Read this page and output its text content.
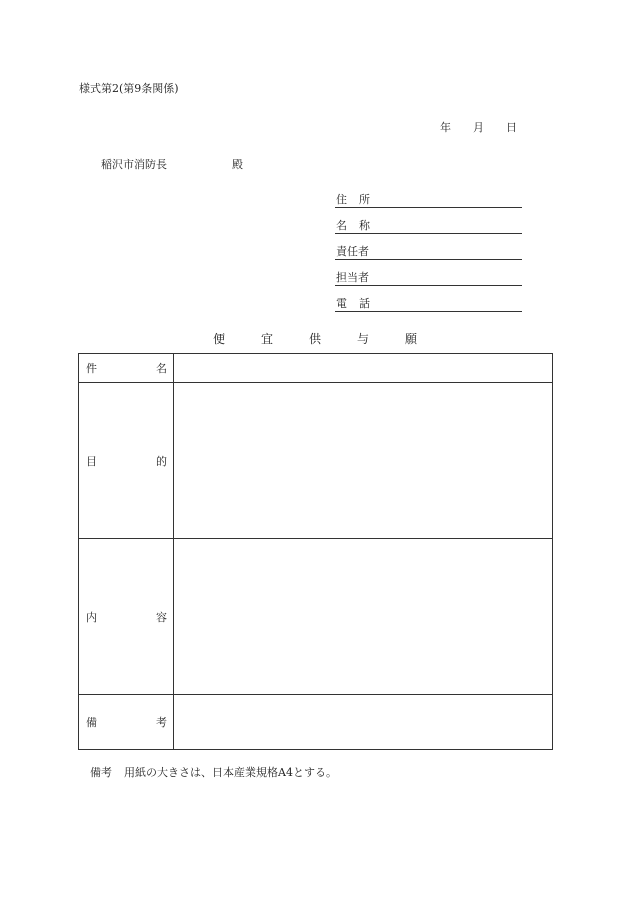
様式第2(第9条関係)
年 月 日
稲沢市消防長	殿
住 所
名 称
責任者
担当者
電 話
便	宜	供	与	願
件 名	

目 的	

内 容	

備 考	

備考 用紙の大きさは、日本産業規格A4とする。
